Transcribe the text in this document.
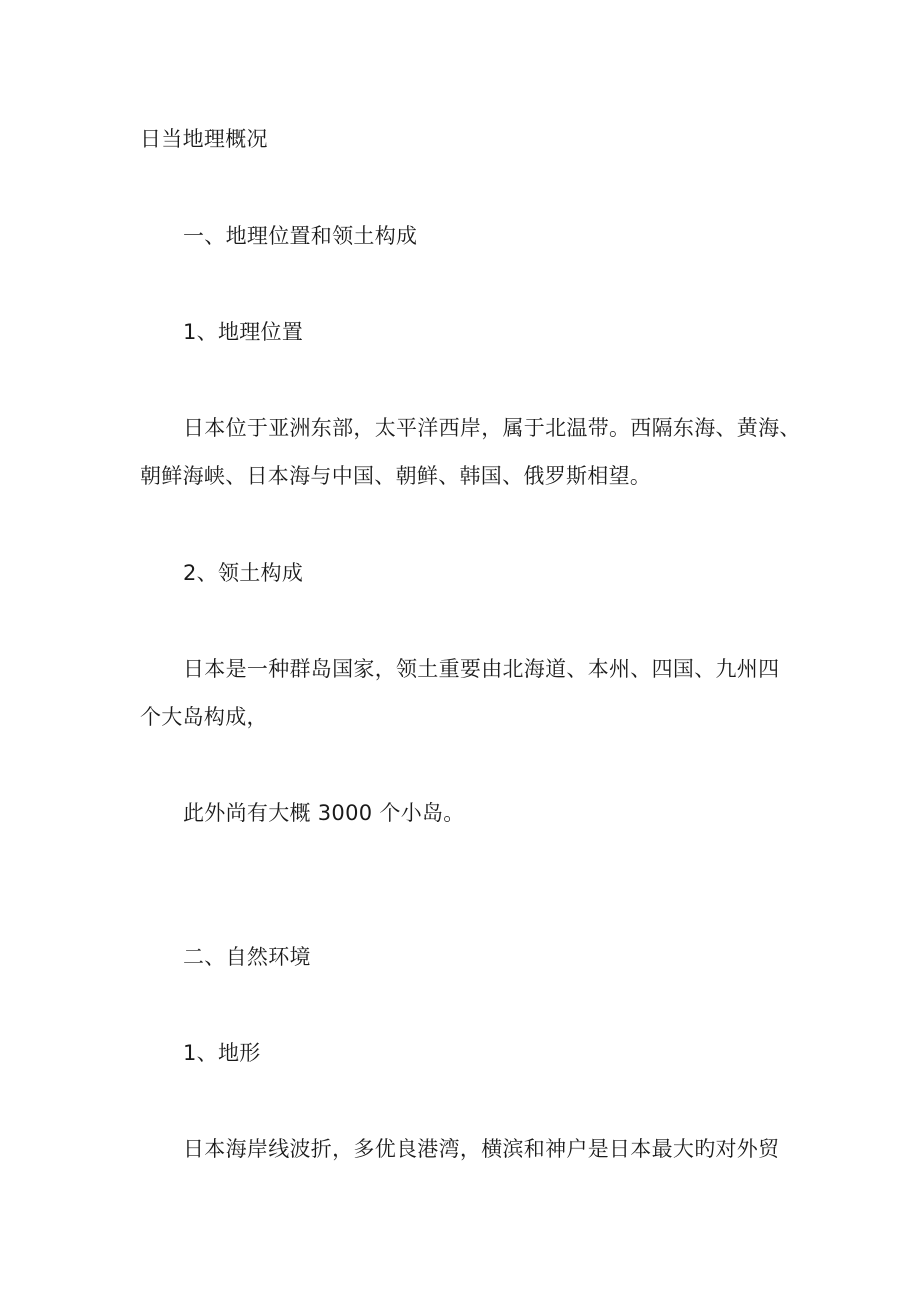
日当地理概况
一、地理位置和领土构成
1、地理位置
日本位于亚洲东部，太平洋西岸，属于北温带。西隔东海、黄海、
朝鲜海峡、日本海与中国、朝鲜、韩国、俄罗斯相望。
2、领土构成
日本是一种群岛国家，领土重要由北海道、本州、四国、九州四
个大岛构成，
此外尚有大概 3000 个小岛。
二、自然环境
1、地形
日本海岸线波折，多优良港湾，横滨和神户是日本最大旳对外贸
